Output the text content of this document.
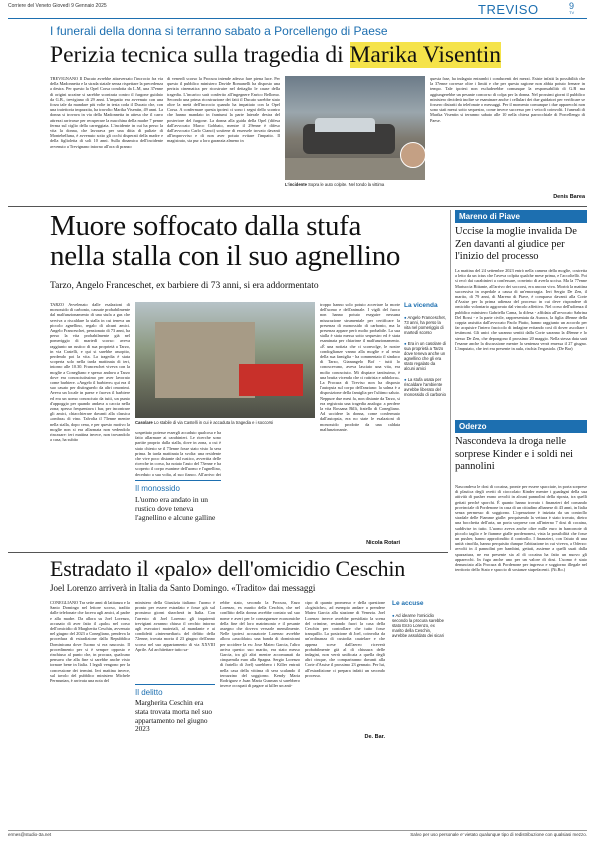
Corriere del Veneto Giovedì 9 Gennaio 2025	TREVISO	9
TV
I funerali della donna si terranno sabato a Porcellengo di Paese
Perizia tecnica sulla tragedia di Marika Visentin
TREVIGNANO Il Ducato avrebbe attraversato l'incrocio fra via della Madonnetta e la strada statale senza rispettare la precedenza a destra. Per questo la Opel Corsa condotta da L.M, una 37enne di origini ucraine si sarebbe scontrata contro il furgone guidato da G.B., trevigiano di 29 anni. L'impatto era avvenuto con una forza tale da mandare più volte in testa coda il Ducato che, con una traiettoria impazzita, ha travolto Marika Visentin, 49 anni. La donna si trovava in via della Madonnetta in attesa che il carro attrezzi arrivasse per recuperare la macchina della madre 7 penne ferma sul ciglio della carreggiata. L'incidente in cui ha perso la vita la donna, che lavorava per una ditta di pulizie di Montebelluna, è avvenuto sotto gli occhi disperati della madre e della figlioletta di soli 10 anni. Sulla dinamica dell'incidente avvenuto a Trevignano intorno all'ora di pranzo
di venerdì scorso la Procura intende adesso fare piena luce. Per questo il pubblico ministero Davide Romanelli ha disposto una perizia cinematica per ricostruire nel dettaglio le cause della tragedia. L'incarico sarà conferito all'ingegnere Enrico Bellomo. Secondo una prima ricostruzione dei fatti il Ducato sarebbe stato oltre la metà dell'incrocio quando ha impattato con la Opel Corsa. A confermare questa ipotesi ci sono i segni dello scontro che hanno mandato in frantumi la parte laterale destra del posteriore del furgone. La donna alla guida della Opel (difesa dall'avvocato Marco Gobbato, mentre il 29enne è difeso dall'avvocato Carlo Cianci) sostiene di essersele trovato davanti all'improvviso e di non aver potuto evitare l'impatto. Il magistrato, sia pur a loro garanzia almeno in
L'incidente Sopra le auto colpite. Nel tondo la vittima
questa fase, ha indagato entrambi i conducenti dei mezzi. Esiste infatti la possibilità che la 37enne corresse oltre i limiti e che per questa ragione non abbia potuto frenare in tempo. Tale ipotesi non escluderebbe comunque la responsabilità di G.B ma aggiungerebbe un pesante concorso di colpa per la donna. Nel prossimi giorni il pubblico ministero deciderà inoltre se esaminare anche i cellulari dei due guidatori per verificare se fossero distratti da telefonate o messaggi. Per il momento comunque i due apparecchi non sono stati messi sotto sequestro, come invece successo per i veicoli coinvolti. I funerali di Marika Visentin si terranno sabato alle 10 nella chiesa parrocchiale di Porcellengo di Paese.
Denis Barea
Muore soffocato dalla stufa
nella stalla con il suo agnellino
Tarzo, Angelo Franceschet, ex barbiere di 73 anni, si era addormentato
TARZO Avvelenato dalle esalazioni di monossido di carbonio, causate probabilmente dal malfunzionamento di una stufa a gas che serviva a riscaldare la stalla in cui teneva un piccolo agnellino, regalo di alcuni amici. Angelo Franceschet, pensionato di 73 anni, ha perso la vita probabilmente già nel pomeriggio di martedì scorso: aveva raggiunto un rustico di sua proprietà a Tarzo, in via Castelli, e qui si sarebbe assopito, perdendo poi la vita. La tragedia è stata scoperta solo nella tarda mattinata di ieri, intorno alle 10.30. Franceschet viveva con la moglie a Conegliano e spesso andava a Tarzo dove era conosciutissimo per aver lavorato come barbiere. «Angelo il barbiere» qui era il suo casato per distinguerlo da altri omonimi. Aveva un locale in paese e faceva il barbiere ed era un uomo conosciuto da tutti, un punto d'appoggio per quando andava a caccia nella zona; spesso frequentava i bar, per incontrare gli amici, chiacchierare davanti alla classica «ombra» di vino. Talvolta il 73enne mentre nella stalla, dopo cena, e per questo motivo la moglie non si era allarmata non vedendolo rincasare: ieri mattina invece, non trovandolo a casa, ha subito
Casolare Lo stabile di via Castelli in cui è accaduta la tragedia e i soccorsi
sospettato potesse essergli accaduto qualcosa e ha fatto allarmare ai carabinieri. Le ricerche sono partite proprio dalla stalla, dove in zona, a cui è stato chiesto se il 73enne fosse stato visto la sera prima. In tarda mattinata la svolta: una residente che vive poco distante dal rustico, avvertita delle ricerche in corso, ha notato l'auto del 73enne e ha scoperto il corpo esanime dell'uomo e l'agnellino, deceduto a sua volta, al suo fianco. All'arrivo dei
Il monossido
L'uomo era andato in un rustico dove teneva l'agnellino e alcune galline
troppo hanno solo potuto accertare la morte dell'uomo e dell'animale. I vigili del fuoco non hanno potuto eseguire nessuna misurazione strumentale per certificare la presenza di monossido di carbonio, ma la presenza appare però molto probabile. La sua stalla è stata messa sotto sequestro ed è stata esaminata per chiarirne il malfunzionamento. «È una notizia che ci sconvolge, le nostre condoglianze vanno alla moglie e al resto della sua famiglia - ha commentato il sindaco di Tarzo, Gianangelo Bof - tutti lo conoscevano, aveva lasciato una vita, era molto conosciuto. Mi dispiace tantissimo, è una brutta vicenda che ci rattrista e addolora». La Procura di Treviso non ha disposto l'autopsia sul corpo dell'anziano: la salma è a disposizione della famiglia per l'ultimo saluto. Neppure due mesi fa, non distante da Tarzo, si era registrata una tragedia analoga: a perdere la vita Rossana Billi, fratello di Conegliano. Ad uccidere la donna, come confermato dall'autopsia, era no state le esalazioni di monossido prodotte da una caldaia malfunzionante.
Nicola Rotari
La vicenda
● Angelo Franceschet, 73 anni, ha perso la vita nel pomeriggio di martedì scorso
● Era in un casolare di sua proprietà a Tarzo dove teneva anche un agnellino che gli era stato regalato da alcuni amici
● La stufa usata per riscaldare l'ambiente avrebbe liberato del monossido di carbonio
Mareno di Piave
Uccise la moglie invalida De Zen davanti al giudice per l'inizio del processo
La mattina del 24 settembre 2023 entrò nella camera della moglie, costretta a letto da un ictus che l'aveva colpita qualche mese prima, e l'accoltellò. Poi si recò dai carabinieri a confessare, convinto di averla uccisa. Ma la 77enne Mariuccia Bittante, all'arrivo dei soccorsi, era ancora viva. Morirà la mattina successiva in ospedale a causa di un'emorragia. Ieri Sergio De Zen, il marito, di 79 anni, di Mareno di Piave, è comparso davanti alla Corte d'Assise per la prima udienza del processo in cui deve rispondere di omicidio volontario aggravato dal vincolo affettivo. Nel corso dell'udienza il pubblico ministero Gabriella Cama, la difesa - affidata all'avvocato Sabrina Del Rossi - e la parte civile, rappresentata da Aurora, la figlia 48enne della coppia assistita dall'avvocato Paolo Piatto, hanno raggiunto un accordo per far acquisire l'intero fascicolo di indagine evitando così di dover ascoltare i testimoni. Gli unici che saranno sentiti dalla Corte saranno la 48enne e lo stesso De Zen, che depongono il prossimo 20 maggio. Nella stessa data sarà l'esame anche la discussione mentre la sentenza verrà emessa il 27 giugno. L'imputato, che ieri era presente in aula, rischia l'ergastolo. (De Bar)
Oderzo
Nascondeva la droga nelle sorprese Kinder e i soldi nei pannolini
Nascondeva le dosi di cocaina, pronte per essere spacciate, in porta sorprese di plastica degli ovetti di cioccolato Kinder mentre i guadagni della sua attività di pusher erano avvolti in alcuni pannolini della riposta, tra quelli gettati perché sporchi. È quanto hanno trovato i finanzieri del comando provinciale di Pordenone in casa di un cittadino albanese di 43 anni, in Italia senza permesso di soggiorno. L'operazione è iniziata da un controllo stradale delle Fiamme gialle: perquisendo la vettura è stato trovato, dietro una bocchetta dell'aria, un porta sorprese con all'interno 7 dosi di cocaina, suddivise in tutto. L'uomo aveva anche oltre mille euro in banconote di piccolo taglio e le fiamme gialle pordenonesi, vista la possibilità che fosse un pusher, hanno approfondito il controllo. I finanzieri, con l'aiuto di una unità cinofila, hanno perquisito dunque l'abitazione in cui viveva, a Oderzo: avvolti in 4 pannolini per bambini, gettati, assieme a quelli usati dalla spazzatura, ne era presente sia al di cocaina ha fatto un nuovo gli apparecchi. In fuga anche uno per un valore di dosi. L'uomo è stato denunciato alla Procura di Pordenone per ingresso e soggiorno illegale nel territorio dello Stato e spaccio di sostanze stupefacenti. (Ni.Ro.)
Estradato il «palo» dell'omicidio Ceschin
Joel Lorenzo arriverà in Italia da Santo Domingo. «Tradito» dai messaggi
CONEGLIANO Tra sette anni di latitanza e la Santo Domingo nel lettore scorso, tradito dalle telefonate che faceva agli amici, al padre e alla madre. Da allora su Joel Lorenzo, accusato di aver fatto il «palo» nel corso dell'omicidio di Margherita Ceschin, avvenuto nel giugno del 2023 a Conegliano, pendeva la procedura di estradizione dalla Repubblica Dominicana dove l'uomo si era nascosto. Il procedimento per si è sempre opposto e rinchiuso al punto che, in procura, qualcuno pensava che alla fine si sarebbe anche visto tornare bene in Italia. I legali vengono per la concessione dei termini. Ieri mattina invece, sul tavolo del pubblico ministero Michele Permunian, è arrivata una nota del
ministero della Giustizia italiano: l'uomo è pronto per essere estradato e fosse già sul prossimo giorni sbarcherà in Italia. Con l'arresto di Joel Lorenzo gli inquirenti trevigiani avranno chiuso il cerchio intorno agli esecutori materiali, al mandante e ai condidetti «intermediari» del delitto della 72enne, trovata morta il 23 giugno dell'anno scorso nel suo appartamento di via XXVIII Aprile. Ad architettare tutto sa-
Il delitto
Margherita Ceschin era stata trovata morta nel suo appartamento nel giugno 2023
rebbe stato, secondo la Procura, Enzo Lorenzo, ex marito della Ceschin, che nel conflitto della donna avrebbe contato sul suo nome e averi per le conseguenze economiche della fine del loro matrimonio e il pesante assegno che doveva versarle mensilmente. Nelle ipotesi accusatorie Lorenzo avrebbe allora «assoldato» una banda di dominicani per uccidere la ex: Jose Mateo Garcia, l'altro arriva questo: suo marito, era stato messo Garcia, tra gli altri mentre accomunati da cinquemila euro alla Spagna. Sergio Lorenzo di fratello di Joel) sarebbero i Killer entrati nella casa della vittima di sera scalando il terrazzino del soggiorno. Kendy Maria Rodriguez e Juan Maria Gusman si sarebbero invece occupati di pagare ai killer un anti-
cipo di quanto promesso e della questione «logistiche», ad esempio andare a prendere Mateo Garcia alla stazione di Venezia. Joel Lorenzo invece avrebbe presidiato la scena del crimine, restando fuori la casa della Ceschin per controllare che tutto fosse tranquillo. La posizione di Joel, coinvolta da un'ordinanza di custodia cautelare e che appena scese dall'aereo riceverà probabilmente già al di chiusura delle indagini, non verrà unificata a quella degli altri cinque, che compariranno davanti alla Corte d'Assise il prossimo 23 gennaio. Per lui, all'estradizione ci prepara infatti un secondo processo.
De. Bar.
Le accuse
● Ad idearne l'omicidio secondo la procura sarebbe stato Enzo Lorenzo, ex marito della Ceschin, avrebbe assoldato dei sicari
ermes@studio-3a.net	Salvo per uso personale e' vietato qualunque tipo di redistribuzione con qualsiasi mezzo.
